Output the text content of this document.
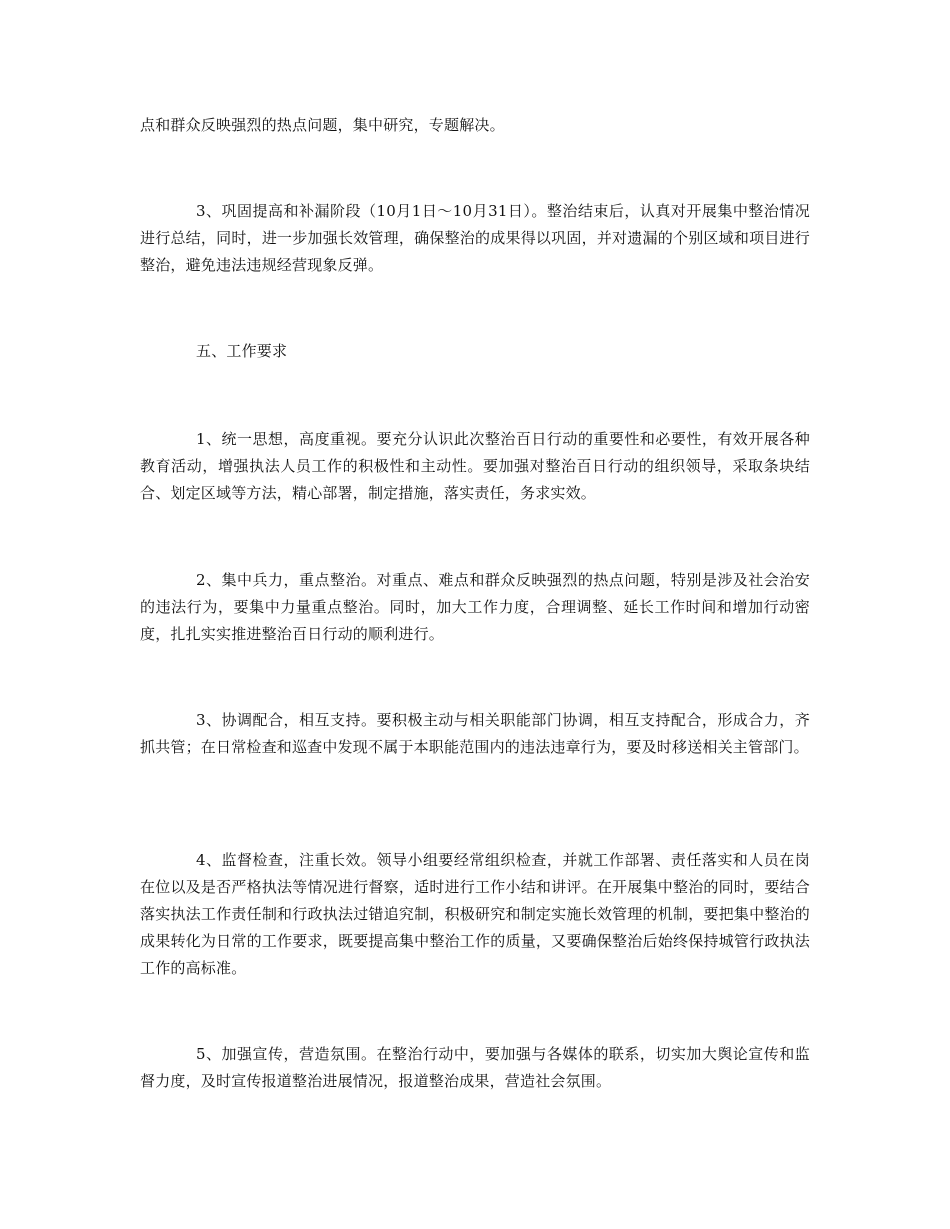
点和群众反映强烈的热点问题，集中研究，专题解决。

3、巩固提高和补漏阶段（10月1日～10月31日）。整治结束后，认真对开展集中整治情况进行总结，同时，进一步加强长效管理，确保整治的成果得以巩固，并对遗漏的个别区域和项目进行整治，避免违法违规经营现象反弹。

五、工作要求

1、统一思想，高度重视。要充分认识此次整治百日行动的重要性和必要性，有效开展各种教育活动，增强执法人员工作的积极性和主动性。要加强对整治百日行动的组织领导，采取条块结合、划定区域等方法，精心部署，制定措施，落实责任，务求实效。

2、集中兵力，重点整治。对重点、难点和群众反映强烈的热点问题，特别是涉及社会治安的违法行为，要集中力量重点整治。同时，加大工作力度，合理调整、延长工作时间和增加行动密度，扎扎实实推进整治百日行动的顺利进行。

3、协调配合，相互支持。要积极主动与相关职能部门协调，相互支持配合，形成合力，齐抓共管；在日常检查和巡查中发现不属于本职能范围内的违法违章行为，要及时移送相关主管部门。

4、监督检查，注重长效。领导小组要经常组织检查，并就工作部署、责任落实和人员在岗在位以及是否严格执法等情况进行督察，适时进行工作小结和讲评。在开展集中整治的同时，要结合落实执法工作责任制和行政执法过错追究制，积极研究和制定实施长效管理的机制，要把集中整治的成果转化为日常的工作要求，既要提高集中整治工作的质量，又要确保整治后始终保持城管行政执法工作的高标准。

5、加强宣传，营造氛围。在整治行动中，要加强与各媒体的联系，切实加大舆论宣传和监督力度，及时宣传报道整治进展情况，报道整治成果，营造社会氛围。
